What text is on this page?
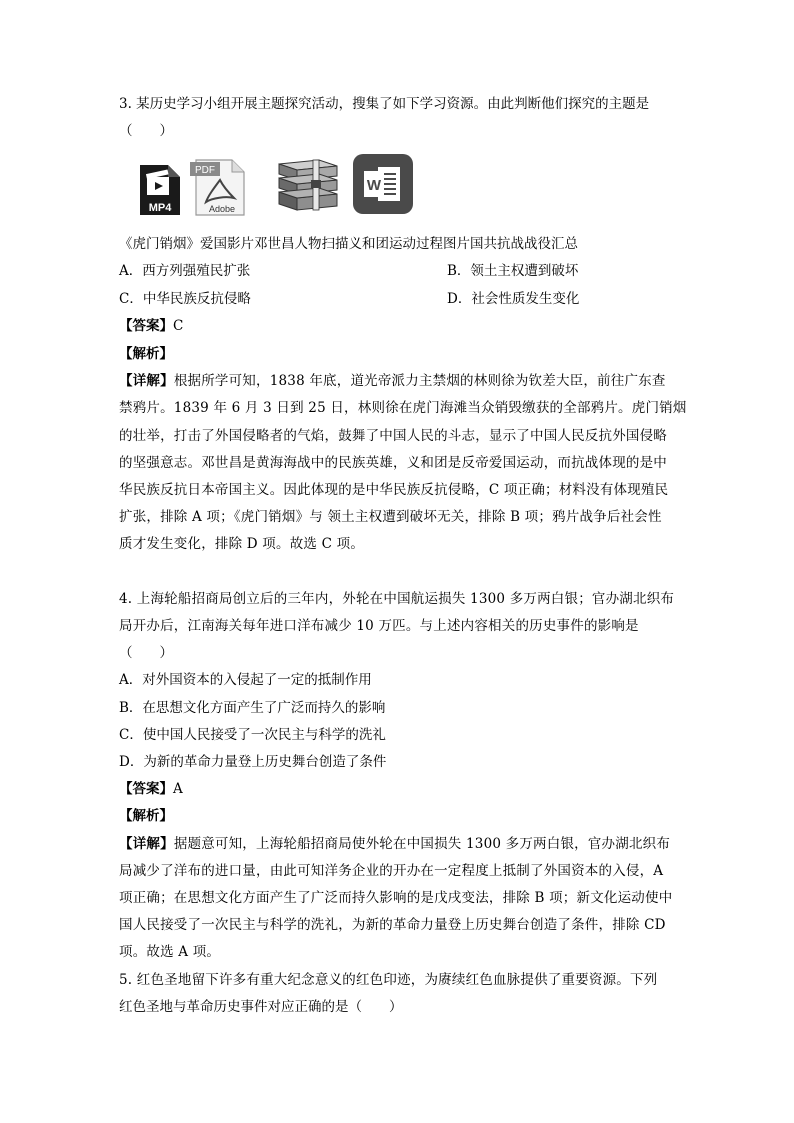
3. 某历史学习小组开展主题探究活动，搜集了如下学习资源。由此判断他们探究的主题是
（　　）
MP4
PDF
Adobe
W
《虎门销烟》爱国影片邓世昌人物扫描义和团运动过程图片国共抗战战役汇总
A．西方列强殖民扩张	B．领土主权遭到破坏
C．中华民族反抗侵略	D．社会性质发生变化
【答案】C
【解析】
【详解】根据所学可知，1838 年底，道光帝派力主禁烟的林则徐为钦差大臣，前往广东查
禁鸦片。1839 年 6 月 3 日到 25 日，林则徐在虎门海滩当众销毁缴获的全部鸦片。虎门销烟
的壮举，打击了外国侵略者的气焰，鼓舞了中国人民的斗志，显示了中国人民反抗外国侵略
的坚强意志。邓世昌是黄海海战中的民族英雄，义和团是反帝爱国运动，而抗战体现的是中
华民族反抗日本帝国主义。因此体现的是中华民族反抗侵略，C 项正确；材料没有体现殖民
扩张，排除 A 项；《虎门销烟》与 领土主权遭到破坏无关，排除 B 项；鸦片战争后社会性
质才发生变化，排除 D 项。故选 C 项。
4. 上海轮船招商局创立后的三年内，外轮在中国航运损失 1300 多万两白银；官办湖北织布
局开办后，江南海关每年进口洋布减少 10 万匹。与上述内容相关的历史事件的影响是
（　　）
A．对外国资本的入侵起了一定的抵制作用
B．在思想文化方面产生了广泛而持久的影响
C．使中国人民接受了一次民主与科学的洗礼
D．为新的革命力量登上历史舞台创造了条件
【答案】A
【解析】
【详解】据题意可知，上海轮船招商局使外轮在中国损失 1300 多万两白银，官办湖北织布
局减少了洋布的进口量，由此可知洋务企业的开办在一定程度上抵制了外国资本的入侵，A
项正确；在思想文化方面产生了广泛而持久影响的是戊戌变法，排除 B 项；新文化运动使中
国人民接受了一次民主与科学的洗礼，为新的革命力量登上历史舞台创造了条件，排除 CD
项。故选 A 项。
5. 红色圣地留下许多有重大纪念意义的红色印迹，为赓续红色血脉提供了重要资源。下列
红色圣地与革命历史事件对应正确的是（　　）
